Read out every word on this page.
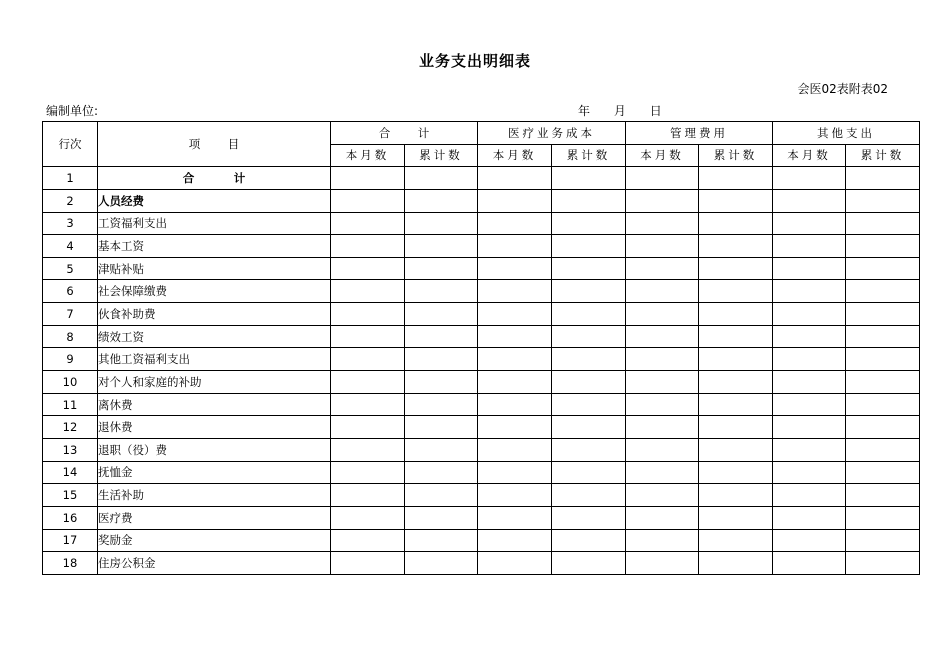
业务支出明细表
会医02表附表02
编制单位:	年 月 日
行次	项　目	合　计		医疗业务成本		管理费用		其他支出	
		本月数	累计数	本月数	累计数	本月数	累计数	本月数	累计数
1	合　计								
2	人员经费								
3	工资福利支出								
4	基本工资								
5	津贴补贴								
6	社会保障缴费								
7	伙食补助费								
8	绩效工资								
9	其他工资福利支出								
10	对个人和家庭的补助								
11	离休费								
12	退休费								
13	退职（役）费								
14	抚恤金								
15	生活补助								
16	医疗费								
17	奖励金								
18	住房公积金								
